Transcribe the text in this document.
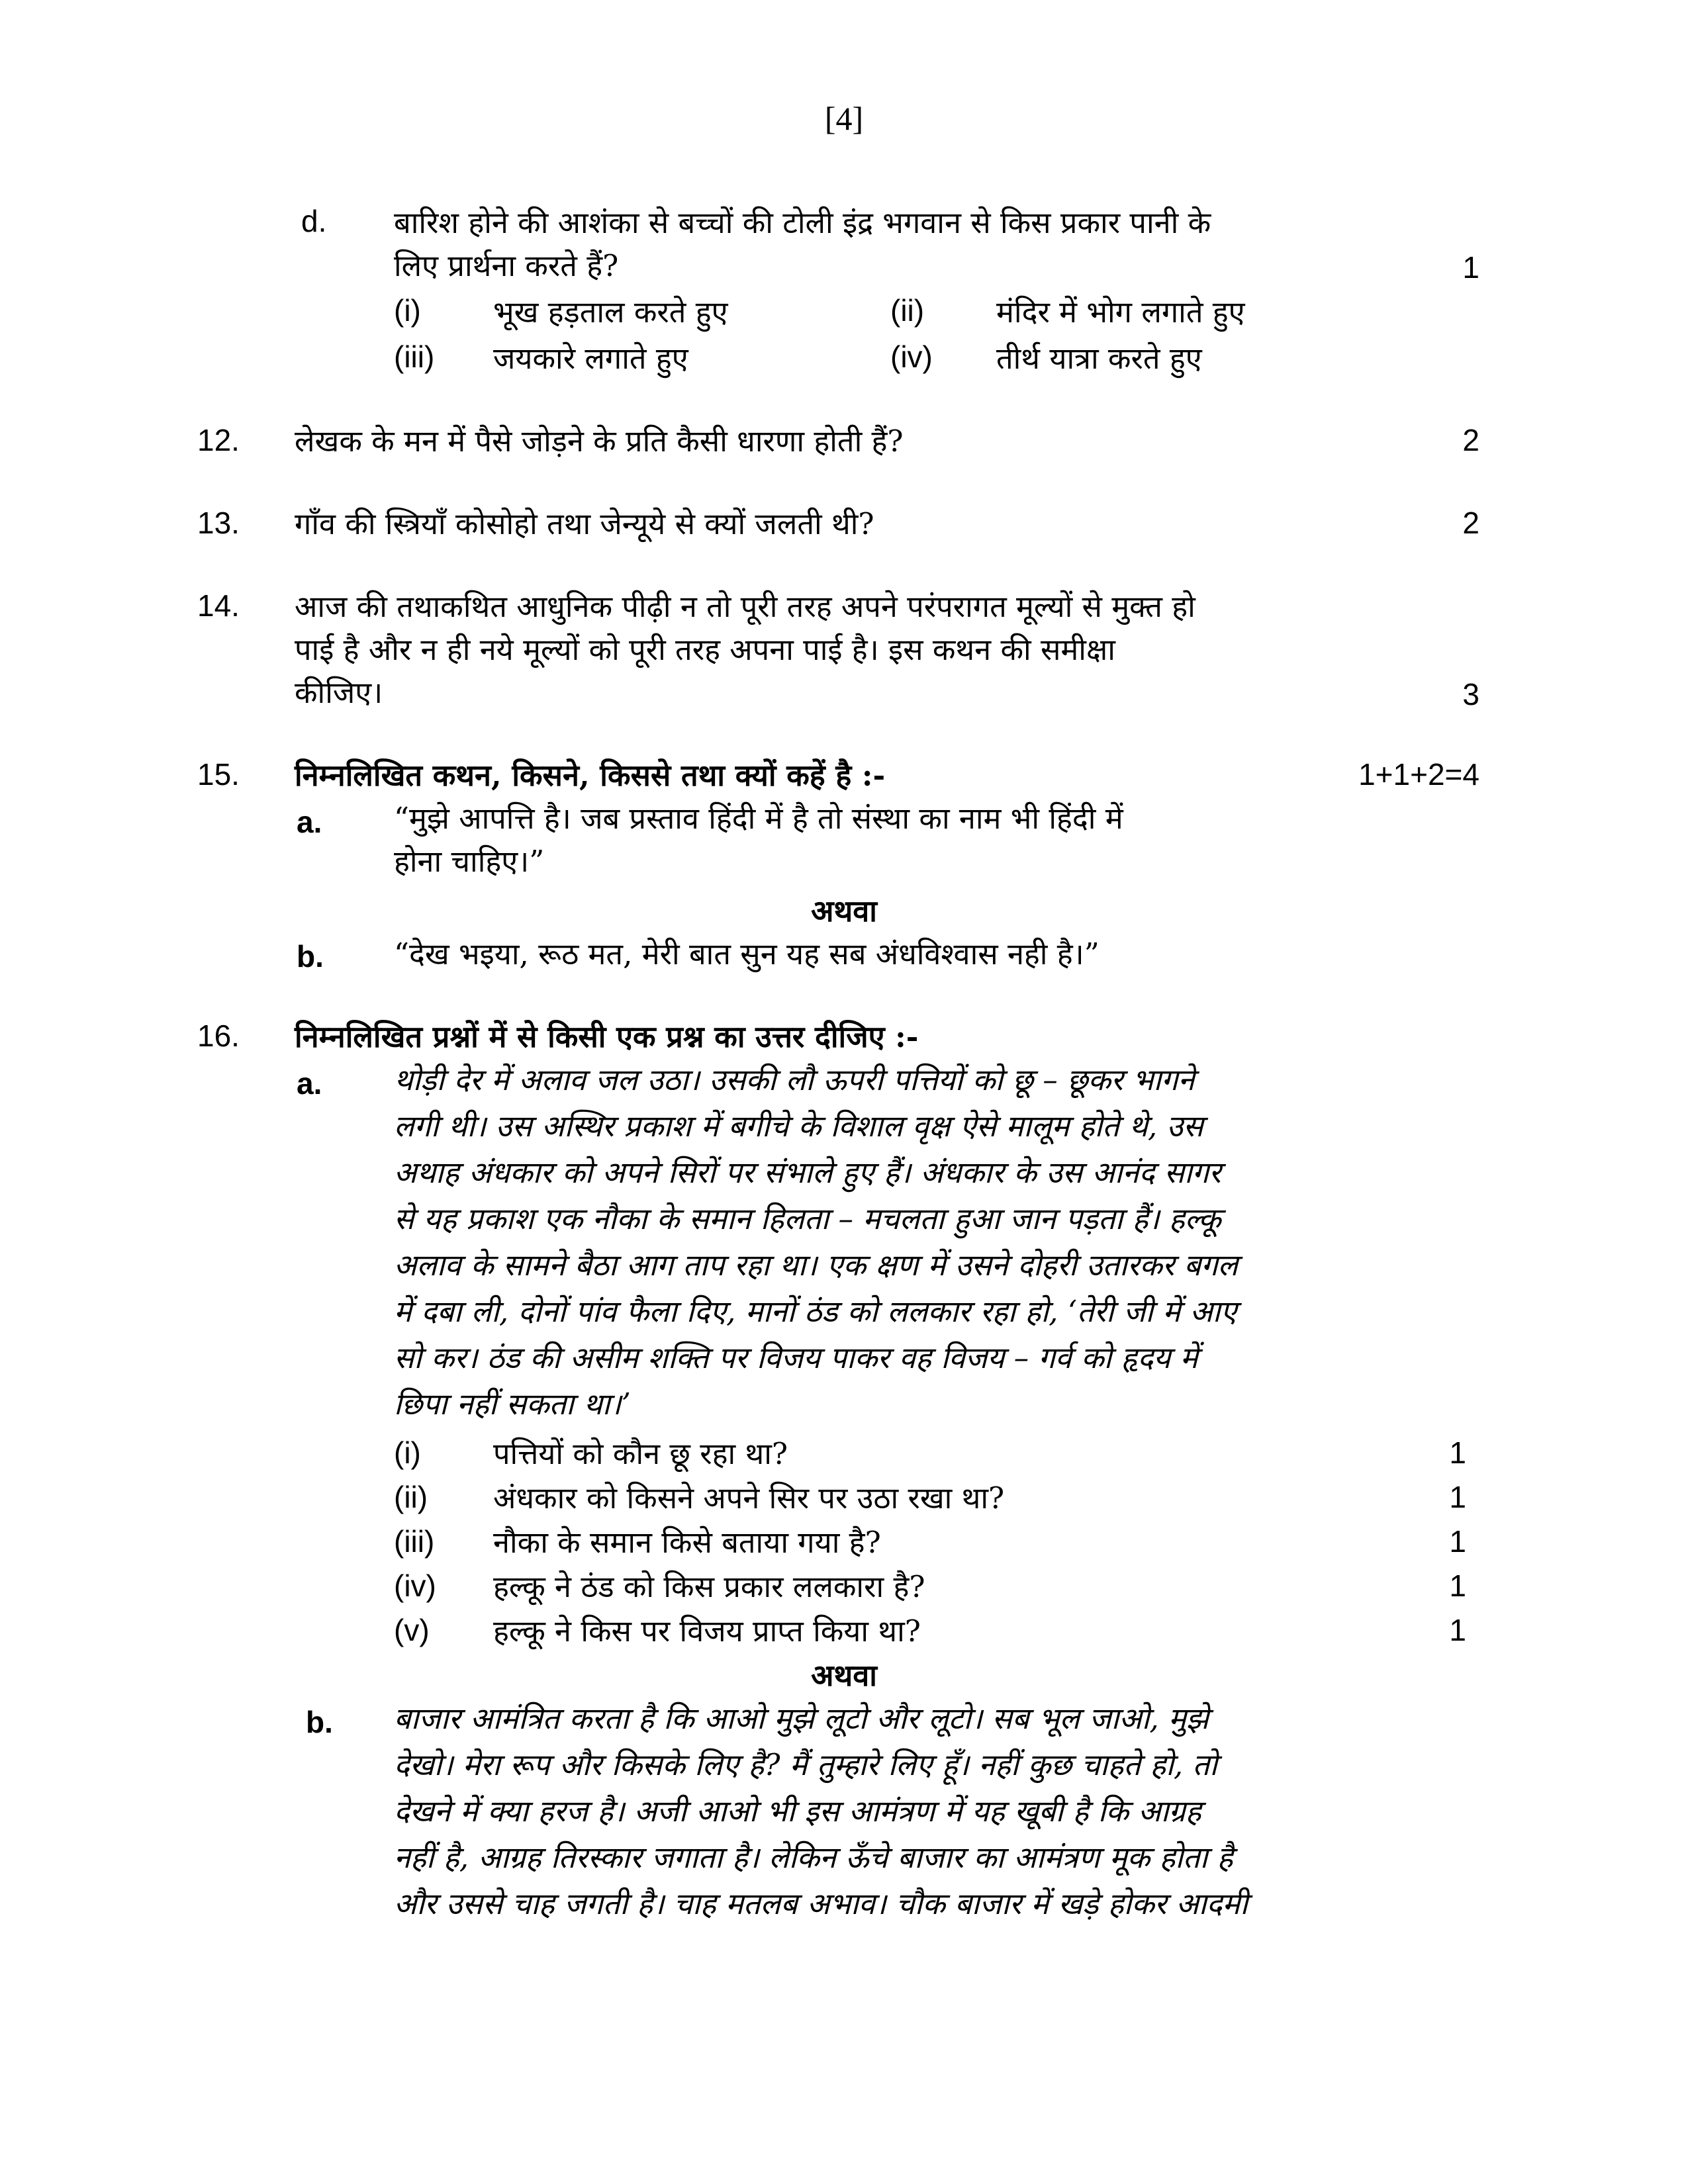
[4]
d. बारिश होने की आशंका से बच्चों की टोली इंद्र भगवान से किस प्रकार पानी के
लिए प्रार्थना करते हैं?	1
(i) भूख हड़ताल करते हुए	(ii) मंदिर में भोग लगाते हुए
(iii) जयकारे लगाते हुए	(iv) तीर्थ यात्रा करते हुए
12. लेखक के मन में पैसे जोड़ने के प्रति कैसी धारणा होती हैं?	2
13. गाँव की स्त्रियाँ कोसोहो तथा जेन्यूये से क्यों जलती थी?	2
14. आज की तथाकथित आधुनिक पीढ़ी न तो पूरी तरह अपने परंपरागत मूल्यों से मुक्त हो
पाई है और न ही नये मूल्यों को पूरी तरह अपना पाई है। इस कथन की समीक्षा
कीजिए।	3
15. निम्नलिखित कथन, किसने, किससे तथा क्यों कहें है :-	1+1+2=4
a. “मुझे आपत्ति है। जब प्रस्ताव हिंदी में है तो संस्था का नाम भी हिंदी में
होना चाहिए।”
अथवा
b. “देख भइया, रूठ मत, मेरी बात सुन यह सब अंधविश्वास नही है।”
16. निम्नलिखित प्रश्नों में से किसी एक प्रश्न का उत्तर दीजिए :-
a. थोड़ी देर में अलाव जल उठा। उसकी लौ ऊपरी पत्तियों को छू – छूकर भागने
लगी थी। उस अस्थिर प्रकाश में बगीचे के विशाल वृक्ष ऐसे मालूम होते थे, उस
अथाह अंधकार को अपने सिरों पर संभाले हुए हैं। अंधकार के उस आनंद सागर
से यह प्रकाश एक नौका के समान हिलता – मचलता हुआ जान पड़ता हैं। हल्कू
अलाव के सामने बैठा आग ताप रहा था। एक क्षण में उसने दोहरी उतारकर बगल
में दबा ली, दोनों पांव फैला दिए, मानों ठंड को ललकार रहा हो, ‘तेरी जी में आए
सो कर। ठंड की असीम शक्ति पर विजय पाकर वह विजय – गर्व को हृदय में
छिपा नहीं सकता था।’
(i) पत्तियों को कौन छू रहा था?	1
(ii) अंधकार को किसने अपने सिर पर उठा रखा था?	1
(iii) नौका के समान किसे बताया गया है?	1
(iv) हल्कू ने ठंड को किस प्रकार ललकारा है?	1
(v) हल्कू ने किस पर विजय प्राप्त किया था?	1
अथवा
b. बाजार आमंत्रित करता है कि आओ मुझे लूटो और लूटो। सब भूल जाओ, मुझे
देखो। मेरा रूप और किसके लिए है? मैं तुम्हारे लिए हूँ। नहीं कुछ चाहते हो, तो
देखने में क्या हरज है। अजी आओ भी इस आमंत्रण में यह खूबी है कि आग्रह
नहीं है, आग्रह तिरस्कार जगाता है। लेकिन ऊँचे बाजार का आमंत्रण मूक होता है
और उससे चाह जगती है। चाह मतलब अभाव। चौक बाजार में खड़े होकर आदमी
